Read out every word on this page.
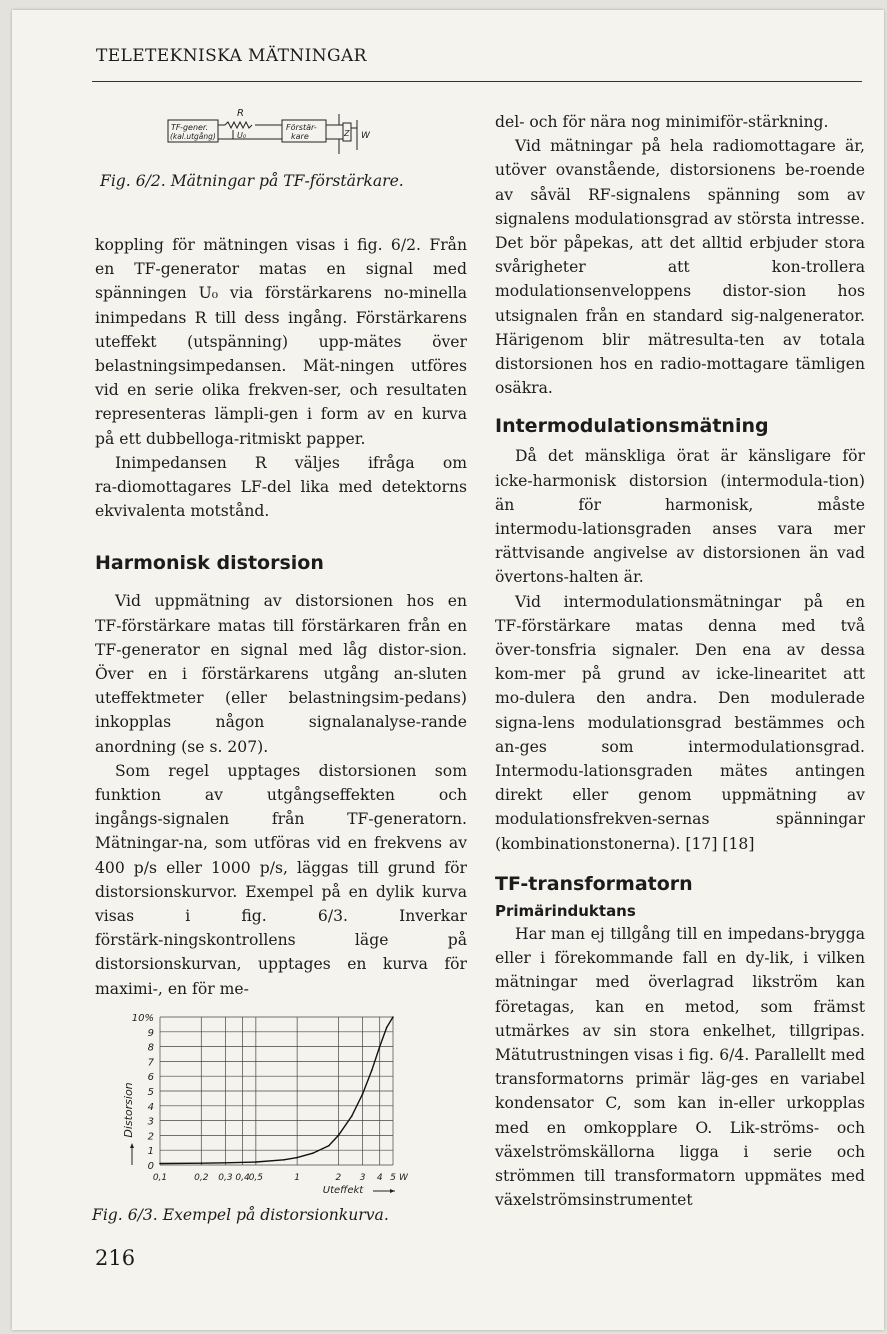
TELETEKNISKA MÄTNINGAR
TF-gener.
(kal.utgång)
R
U₀
Förstär-
kare	Z W
Fig. 6/2. Mätningar på TF‑förstärkare.

koppling för mätningen visas i fig. 6/2. Från en TF‑generator matas en signal med spänningen U₀ via förstärkarens no‑minella inimpedans R till dess ingång. Förstärkarens uteffekt (utspänning) upp‑mätes över belastningsimpedansen. Mät‑ningen utföres vid en serie olika frekven‑ser, och resultaten representeras lämpli‑gen i form av en kurva på ett dubbelloga‑ritmiskt papper.

Inimpedansen R väljes ifråga om ra‑diomottagares LF‑del lika med detektorns ekvivalenta motstånd.

Harmonisk distorsion

Vid uppmätning av distorsionen hos en TF‑förstärkare matas till förstärkaren från en TF‑generator en signal med låg distor‑sion. Över en i förstärkarens utgång an‑sluten uteffektmeter (eller belastningsim‑pedans) inkopplas någon signalanalyse‑rande anordning (se s. 207).

Som regel upptages distorsionen som funktion av utgångseffekten och ingångs‑signalen från TF‑generatorn. Mätningar‑na, som utföras vid en frekvens av 400 p/s eller 1000 p/s, läggas till grund för distorsionskurvor. Exempel på en dylik kurva visas i fig. 6/3. Inverkar förstärk‑ningskontrollens läge på distorsionskurvan, upptages en kurva för maximi‑, en för me‑

0
1
2
3
4
5
6
7
8
9
10%
0,1	0,2 0,3 0,4
0,5	1	2 3 4 5 W
Uteffekt
Distorsion
Fig. 6/3. Exempel på distorsionkurva.

del‑ och för nära nog minimiför‑stärkning.

Vid mätningar på hela radiomottagare är, utöver ovanstående, distorsionens be‑roende av såväl RF‑signalens spänning som av signalens modulationsgrad av största intresse. Det bör påpekas, att det alltid erbjuder stora svårigheter att kon‑trollera modulationsenveloppens distor‑sion hos utsignalen från en standard sig‑nalgenerator. Härigenom blir mätresulta‑ten av totala distorsionen hos en radio‑mottagare tämligen osäkra.

Intermodulationsmätning

Då det mänskliga örat är känsligare för icke‑harmonisk distorsion (intermodula‑tion) än för harmonisk, måste intermodu‑lationsgraden anses vara mer rättvisande angivelse av distorsionen än vad övertons‑halten är.

Vid intermodulationsmätningar på en TF‑förstärkare matas denna med två över‑tonsfria signaler. Den ena av dessa kom‑mer på grund av icke‑linearitet att mo‑dulera den andra. Den modulerade signa‑lens modulationsgrad bestämmes och an‑ges som intermodulationsgrad. Intermodu‑lationsgraden mätes antingen direkt eller genom uppmätning av modulationsfrekven‑sernas spänningar (kombinationstonerna). [17] [18]

TF-transformatorn
Primärinduktans

Har man ej tillgång till en impedans‑brygga eller i förekommande fall en dy‑lik, i vilken mätningar med överlagrad likström kan företagas, kan en metod, som främst utmärkes av sin stora enkelhet, tillgripas. Mätutrustningen visas i fig. 6/4. Parallellt med transformatorns primär läg‑ges en variabel kondensator C, som kan in‑eller urkopplas med en omkopplare O. Lik‑ströms‑ och växelströmskällorna ligga i serie och strömmen till transformatorn uppmätes med växelströmsinstrumentet

216
